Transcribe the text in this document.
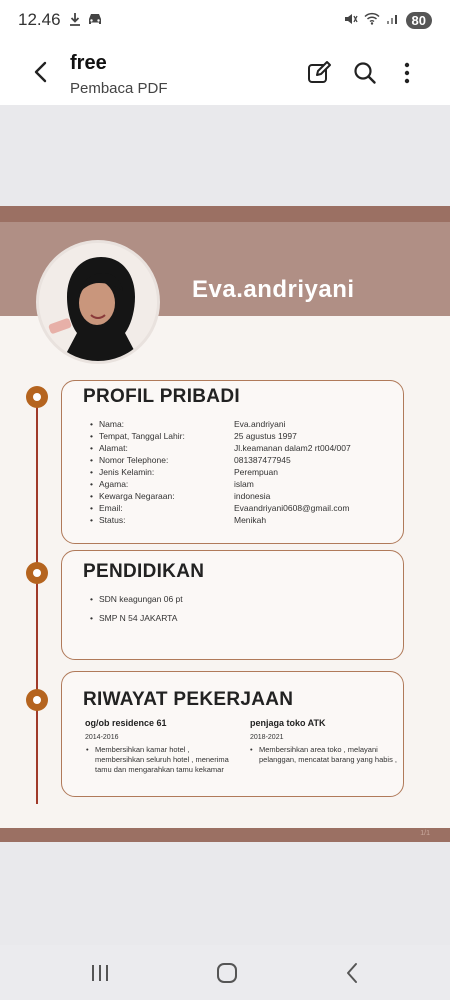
12.46	80
free
Pembaca PDF
Eva.andriyani
PROFIL PRIBADI
• Nama:	Eva.andriyani
• Tempat, Tanggal Lahir:	25 agustus 1997
• Alamat:	Jl.keamanan dalam2 rt004/007
• Nomor Telephone:	081387477945
• Jenis Kelamin:	Perempuan
• Agama:	islam
• Kewarga Negaraan:	indonesia
• Email:	Evaandriyani0608@gmail.com
• Status:	Menikah
PENDIDIKAN
• SDN keagungan 06 pt
• SMP N 54 JAKARTA
RIWAYAT PEKERJAAN
og/ob residence 61
2014-2016
• Membersihkan kamar hotel , membersihkan seluruh hotel , menerima tamu dan mengarahkan tamu kekamar
penjaga toko ATK
2018-2021
• Membersihkan area toko , melayani pelanggan, mencatat barang yang habis ,
1/1
